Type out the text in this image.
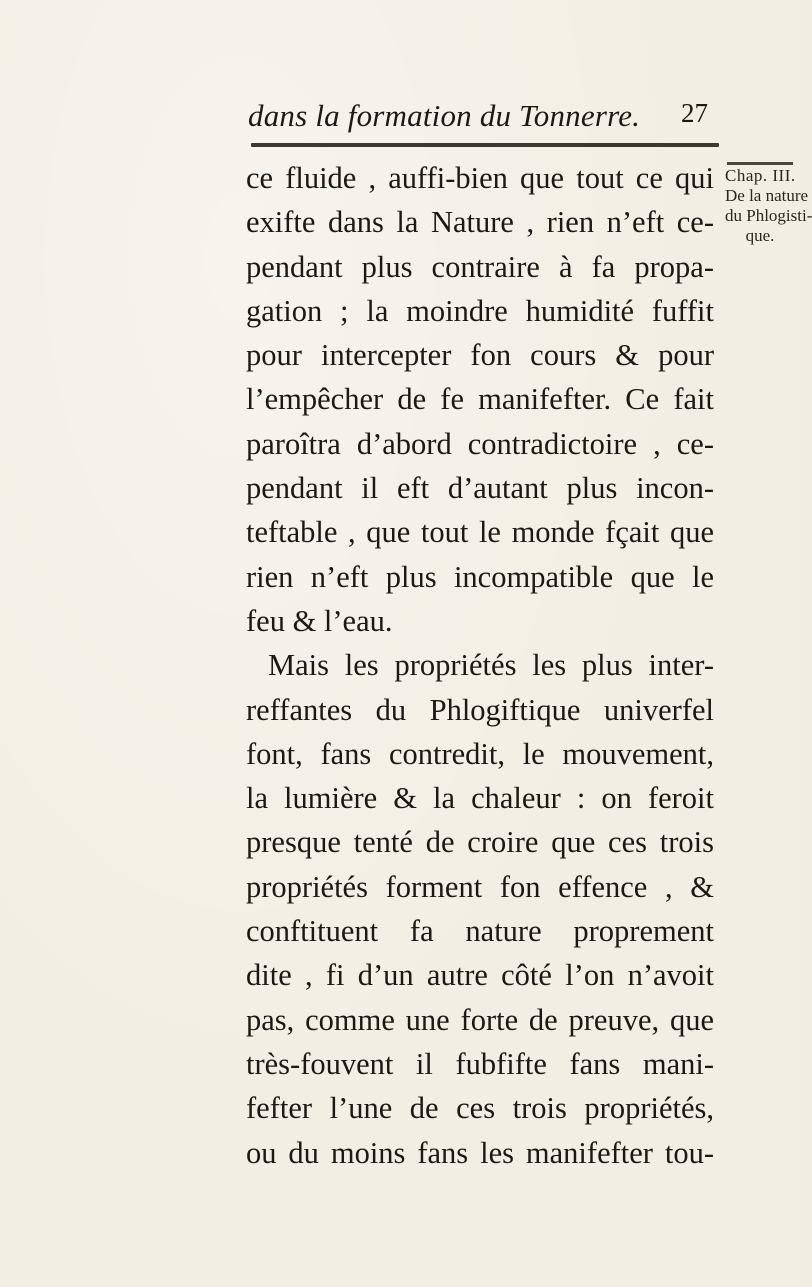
dans la formation du Tonnerre. 27
Chap. III.
De la nature
du Phlogisti-
que.
ce fluide , auffi-bien que tout ce qui
exifte dans la Nature , rien n’eft ce-
pendant plus contraire à fa propa-
gation ; la moindre humidité fuffit
pour intercepter fon cours & pour
l’empêcher de fe manifefter. Ce fait
paroîtra d’abord contradictoire , ce-
pendant il eft d’autant plus incon-
teftable , que tout le monde fçait que
rien n’eft plus incompatible que le
feu & l’eau.
Mais les propriétés les plus inter-
reffantes du Phlogiftique univerfel
font, fans contredit, le mouvement,
la lumière & la chaleur : on feroit
presque tenté de croire que ces trois
propriétés forment fon effence , &
conftituent fa nature proprement
dite , fi d’un autre côté l’on n’avoit
pas, comme une forte de preuve, que
très-fouvent il fubfifte fans mani-
fefter l’une de ces trois propriétés,
ou du moins fans les manifefter tou-
